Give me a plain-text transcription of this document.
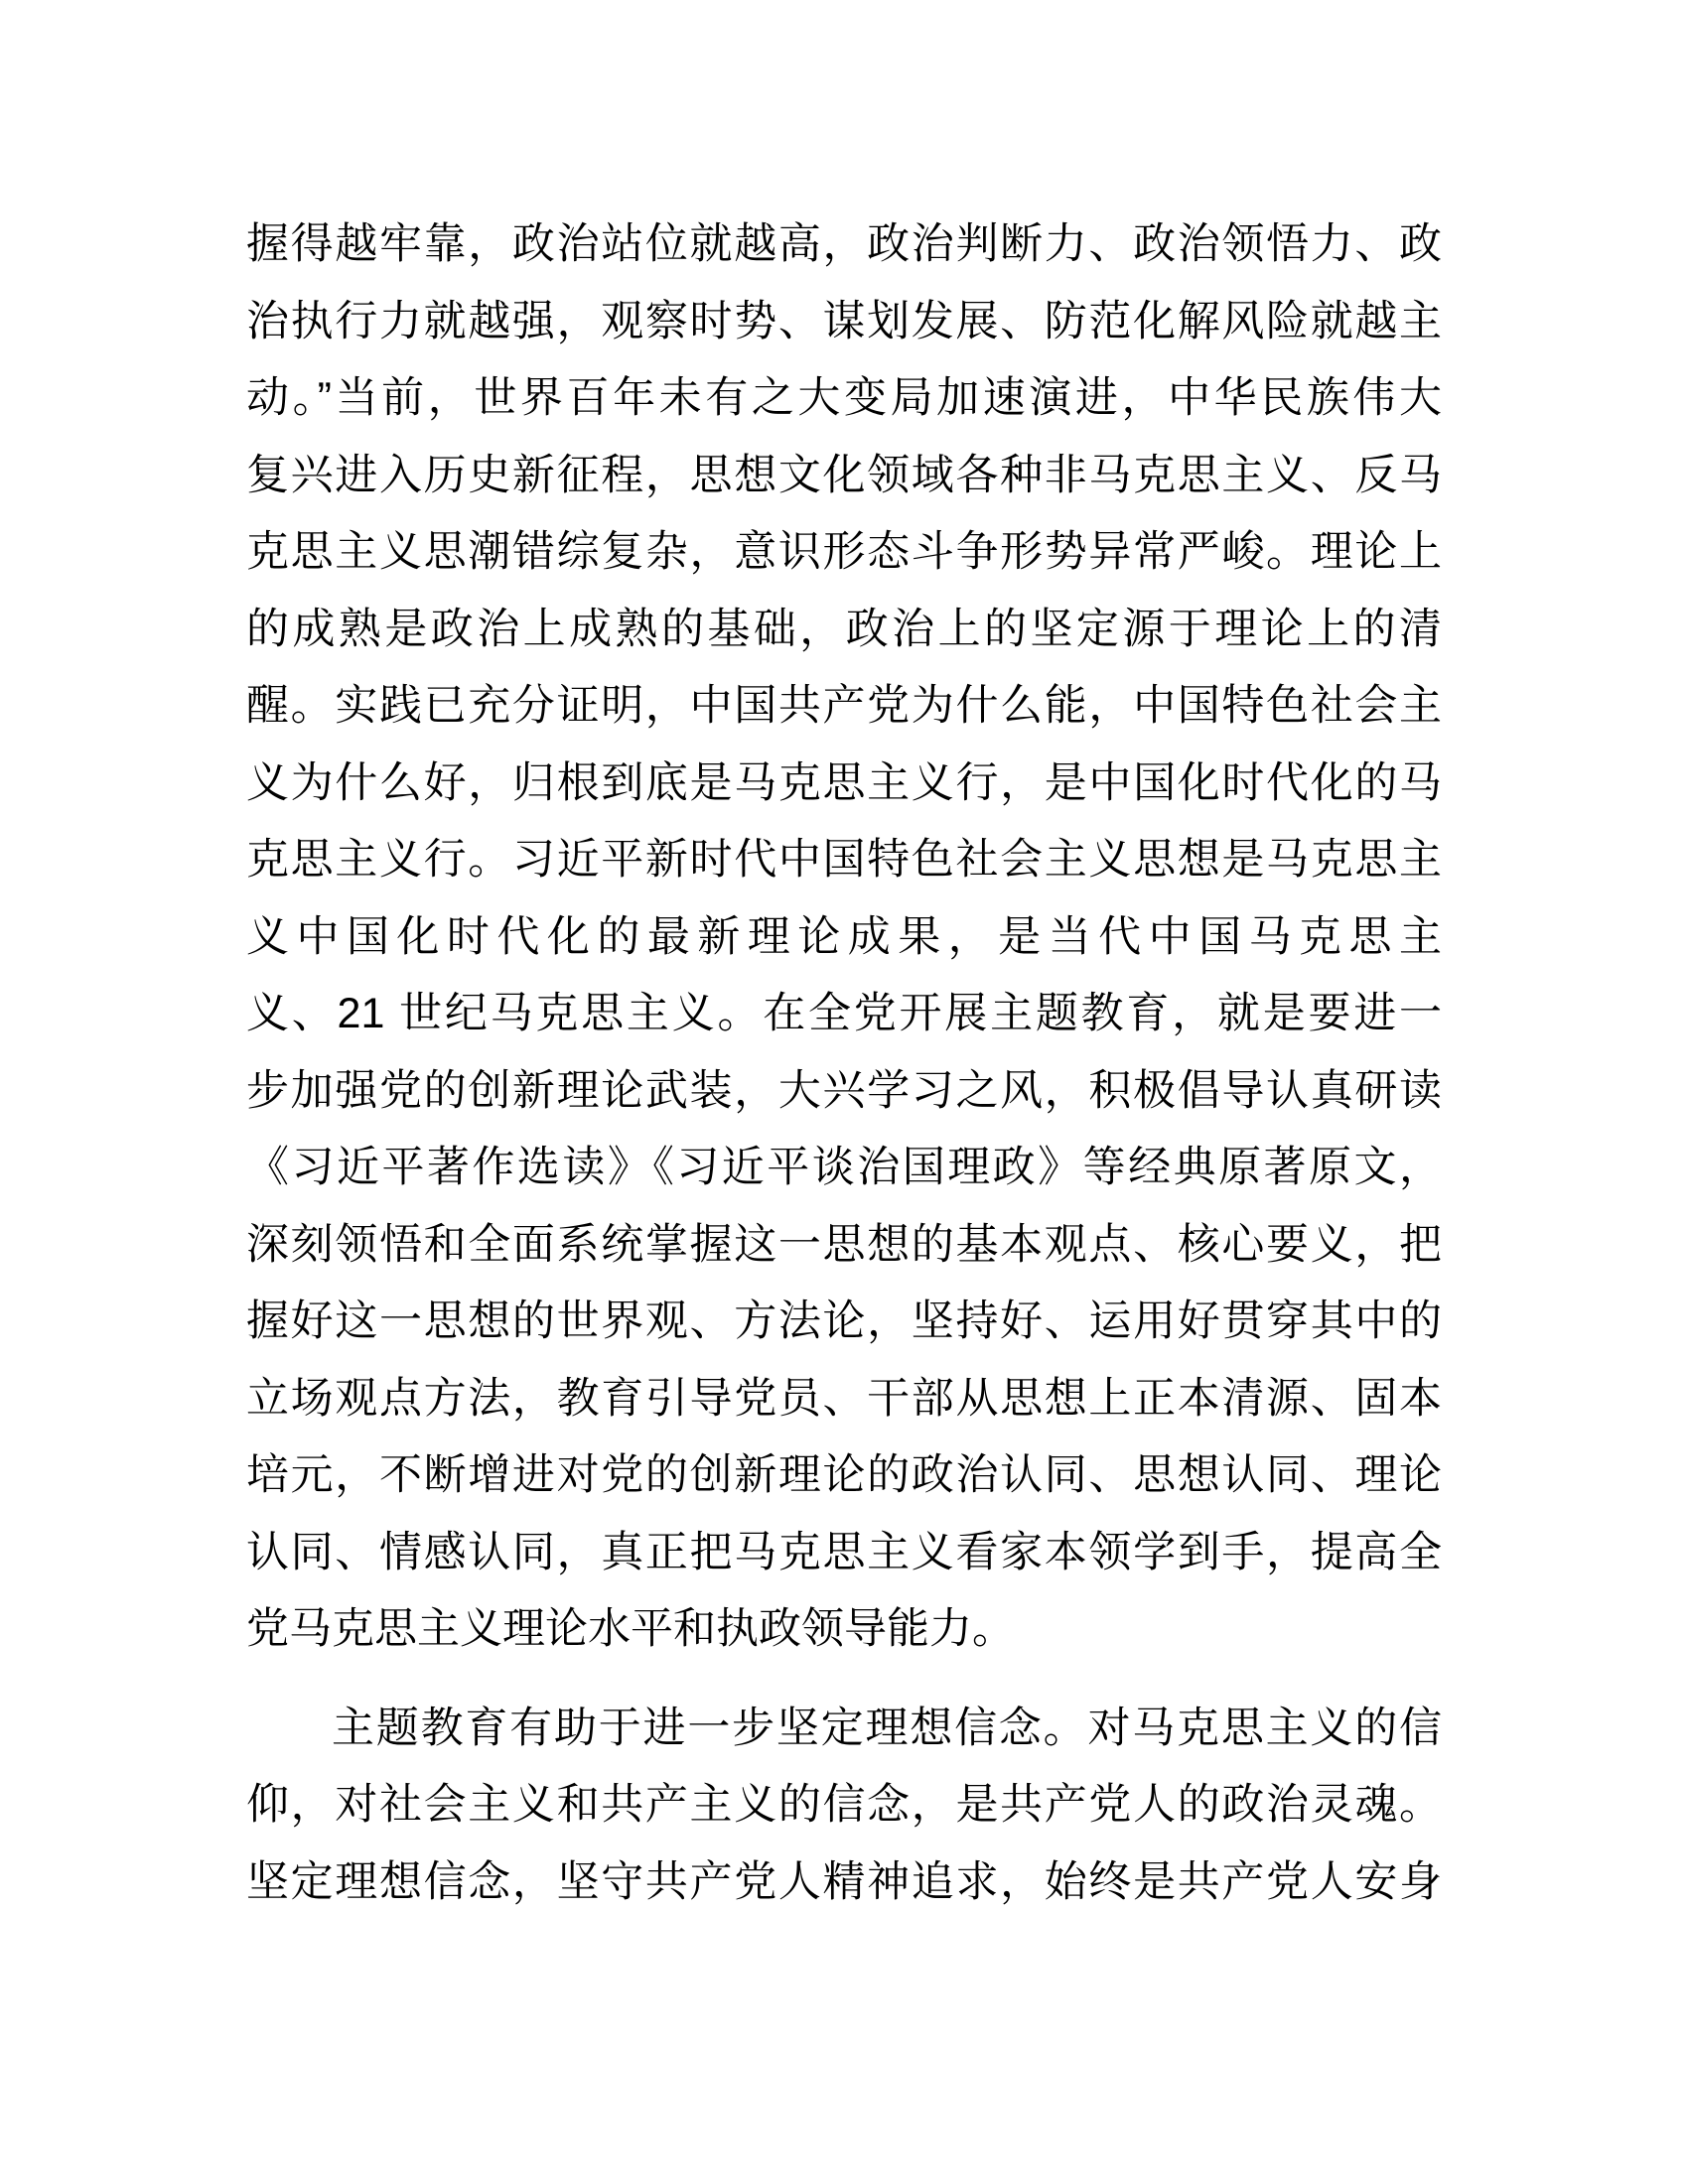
握得越牢靠，政治站位就越高，政治判断力、政治领悟力、政
治执行力就越强，观察时势、谋划发展、防范化解风险就越主
动。”当前，世界百年未有之大变局加速演进，中华民族伟大
复兴进入历史新征程，思想文化领域各种非马克思主义、反马
克思主义思潮错综复杂，意识形态斗争形势异常严峻。理论上
的成熟是政治上成熟的基础，政治上的坚定源于理论上的清
醒。实践已充分证明，中国共产党为什么能，中国特色社会主
义为什么好，归根到底是马克思主义行，是中国化时代化的马
克思主义行。习近平新时代中国特色社会主义思想是马克思主
义中国化时代化的最新理论成果，是当代中国马克思主
义、21 世纪马克思主义。在全党开展主题教育，就是要进一
步加强党的创新理论武装，大兴学习之风，积极倡导认真研读
《习近平著作选读》《习近平谈治国理政》等经典原著原文，
深刻领悟和全面系统掌握这一思想的基本观点、核心要义，把
握好这一思想的世界观、方法论，坚持好、运用好贯穿其中的
立场观点方法，教育引导党员、干部从思想上正本清源、固本
培元，不断增进对党的创新理论的政治认同、思想认同、理论
认同、情感认同，真正把马克思主义看家本领学到手，提高全
党马克思主义理论水平和执政领导能力。
主题教育有助于进一步坚定理想信念。对马克思主义的信
仰，对社会主义和共产主义的信念，是共产党人的政治灵魂。
坚定理想信念，坚守共产党人精神追求，始终是共产党人安身
